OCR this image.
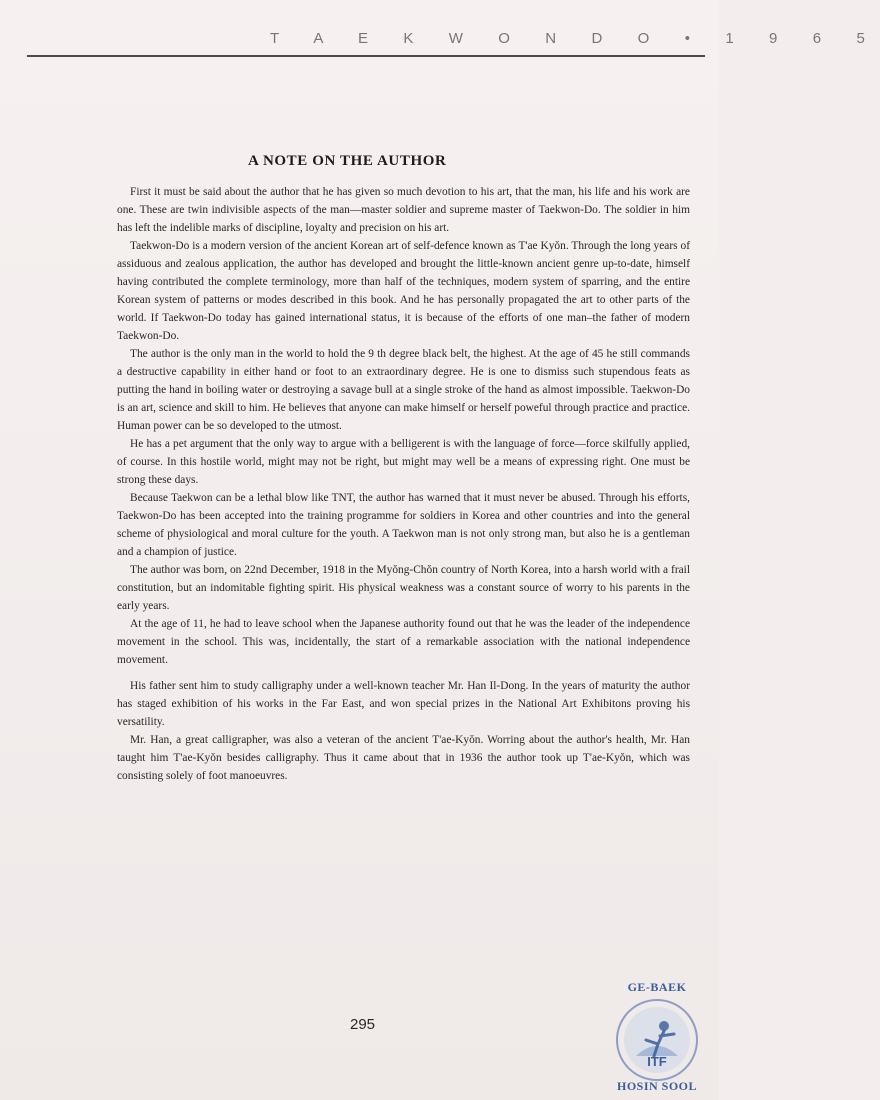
T A E K W O N D O • 1 9 6 5
A NOTE ON THE AUTHOR

First it must be said about the author that he has given so much devotion to his art, that the man, his life and his work are one. These are twin indivisible aspects of the man—master soldier and supreme master of Taekwon-Do. The soldier in him has left the indelible marks of discipline, loyalty and precision on his art.

Taekwon-Do is a modern version of the ancient Korean art of self-defence known as T'ae Kyŏn. Through the long years of assiduous and zealous application, the author has developed and brought the little-known ancient genre up-to-date, himself having contributed the complete terminology, more than half of the techniques, modern system of sparring, and the entire Korean system of patterns or modes described in this book. And he has personally propagated the art to other parts of the world. If Taekwon-Do today has gained international status, it is because of the efforts of one man–the father of modern Taekwon-Do.

The author is the only man in the world to hold the 9 th degree black belt, the highest. At the age of 45 he still commands a destructive capability in either hand or foot to an extraordinary degree. He is one to dismiss such stupendous feats as putting the hand in boiling water or destroying a savage bull at a single stroke of the hand as almost impossible. Taekwon-Do is an art, science and skill to him. He believes that anyone can make himself or herself poweful through practice and practice. Human power can be so developed to the utmost.

He has a pet argument that the only way to argue with a belligerent is with the language of force—force skilfully applied, of course. In this hostile world, might may not be right, but might may well be a means of expressing right. One must be strong these days.

Because Taekwon can be a lethal blow like TNT, the author has warned that it must never be abused. Through his efforts, Taekwon-Do has been accepted into the training programme for soldiers in Korea and other countries and into the general scheme of physiological and moral culture for the youth. A Taekwon man is not only strong man, but also he is a gentleman and a champion of justice.

The author was born, on 22nd December, 1918 in the Myŏng-Chŏn country of North Korea, into a harsh world with a frail constitution, but an indomitable fighting spirit. His physical weakness was a constant source of worry to his parents in the early years.

At the age of 11, he had to leave school when the Japanese authority found out that he was the leader of the independence movement in the school. This was, incidentally, the start of a remarkable association with the national independence movement.

His father sent him to study calligraphy under a well-known teacher Mr. Han Il-Dong. In the years of maturity the author has staged exhibition of his works in the Far East, and won special prizes in the National Art Exhibitons proving his versatility.

Mr. Han, a great calligrapher, was also a veteran of the ancient T'ae-Kyŏn. Worring about the author's health, Mr. Han taught him T'ae-Kyŏn besides calligraphy. Thus it came about that in 1936 the author took up T'ae-Kyŏn, which was consisting solely of foot manoeuvres.

295
ITF
GE-BAEK
HOSIN SOOL
